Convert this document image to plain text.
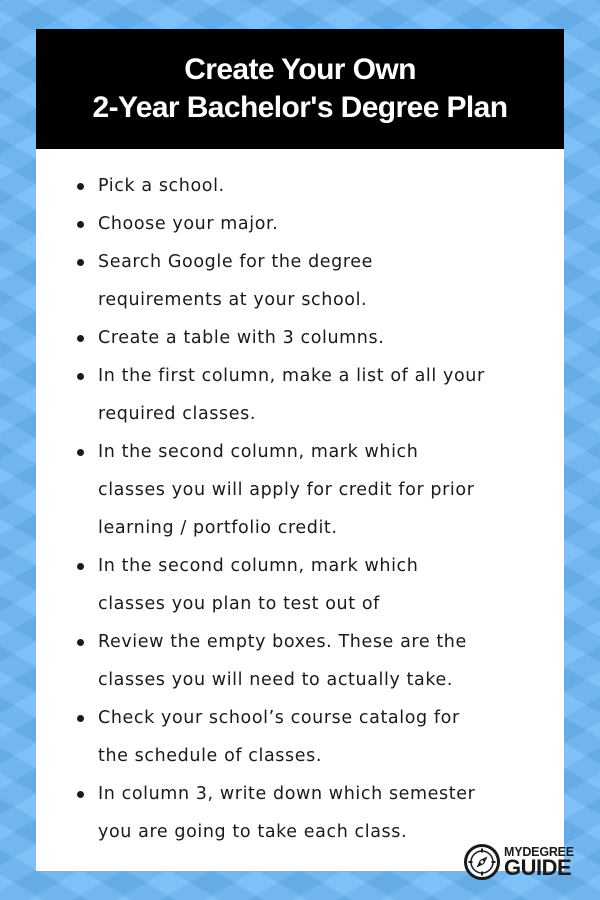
Create Your Own
2-Year Bachelor's Degree Plan
Pick a school.
Choose your major.
Search Google for the degree
requirements at your school.
Create a table with 3 columns.
In the first column, make a list of all your
required classes.
In the second column, mark which
classes you will apply for credit for prior
learning / portfolio credit.
In the second column, mark which
classes you plan to test out of
Review the empty boxes. These are the
classes you will need to actually take.
Check your school’s course catalog for
the schedule of classes.
In column 3, write down which semester
you are going to take each class.
MYDEGREE
GUIDE
